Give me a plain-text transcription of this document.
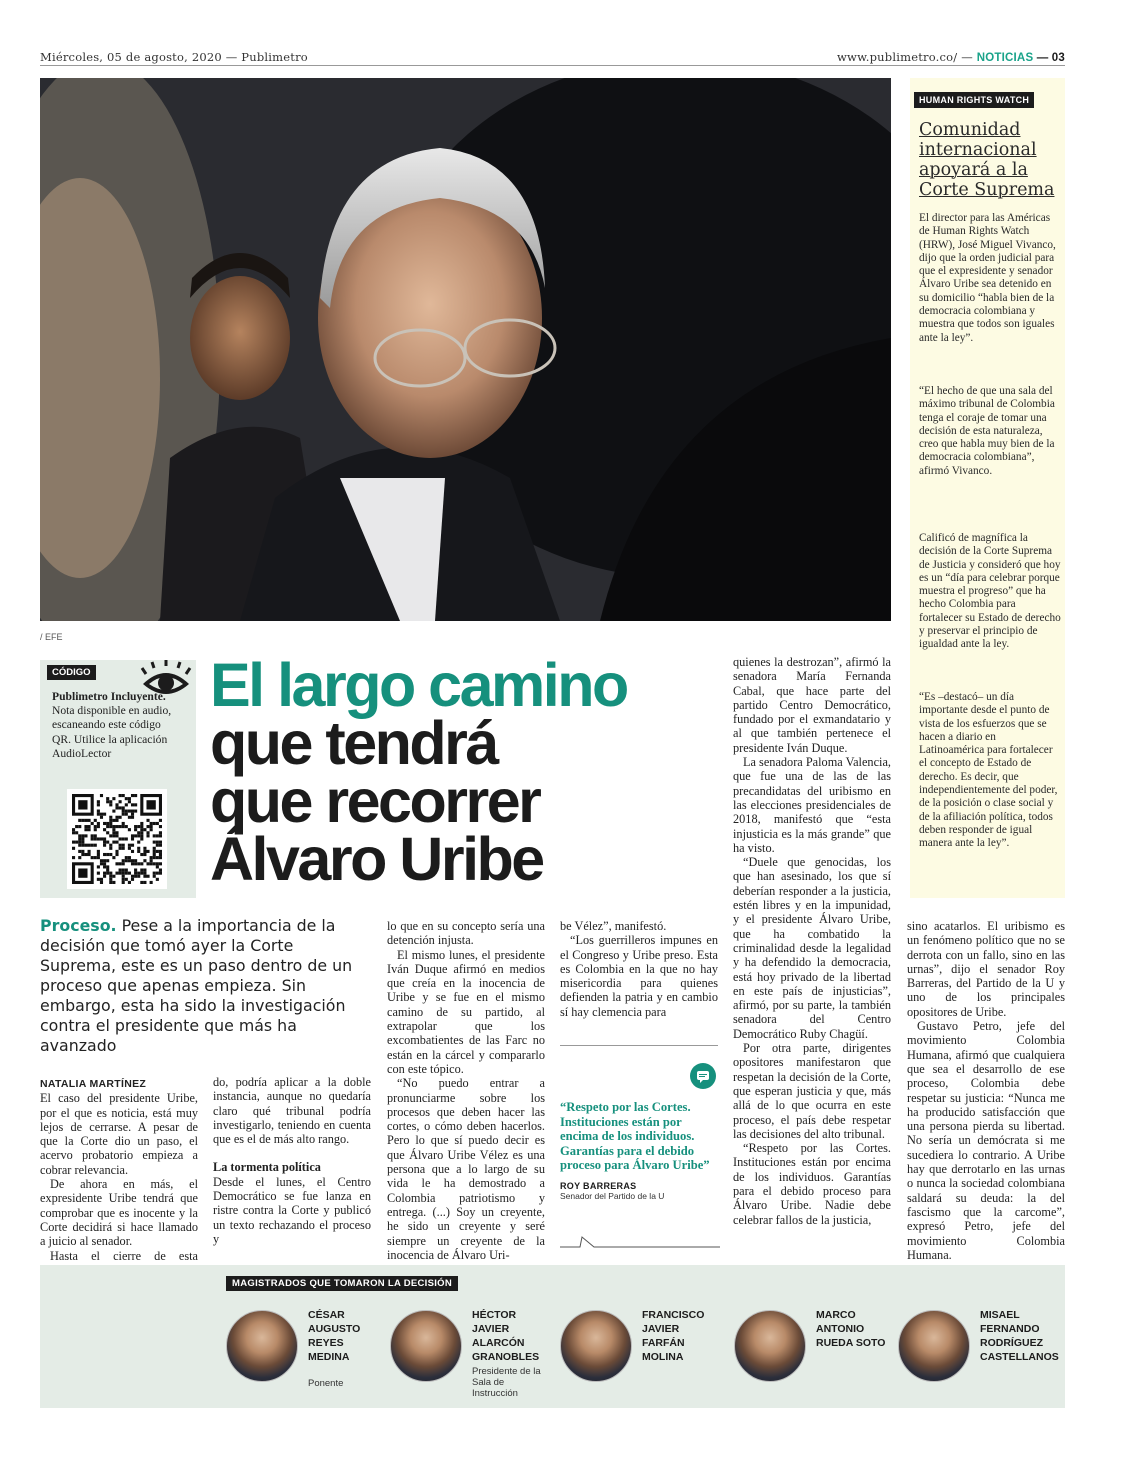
Miércoles, 05 de agosto, 2020 — Publimetro	www.publimetro.co/ — NOTICIAS — 03
/ EFE
HUMAN RIGHTS WATCH
Comunidad internacional apoyará a la Corte Suprema
El director para las Américas de Human Rights Watch (HRW), José Miguel Vivanco, dijo que la orden judicial para que el expresidente y senador Álvaro Uribe sea detenido en su domicilio “habla bien de la democracia colombiana y muestra que todos son iguales ante la ley”.
“El hecho de que una sala del máximo tribunal de Colombia tenga el coraje de tomar una decisión de esta naturaleza, creo que habla muy bien de la democracia colombiana”, afirmó Vivanco.
Calificó de magnífica la decisión de la Corte Suprema de Justicia y consideró que hoy es un “día para celebrar porque muestra el progreso” que ha hecho Colombia para fortalecer su Estado de derecho y preservar el principio de igualdad ante la ley.
“Es –destacó– un día importante desde el punto de vista de los esfuerzos que se hacen a diario en Latinoamérica para fortalecer el concepto de Estado de derecho. Es decir, que independientemente del poder, de la posición o clase social y de la afiliación política, todos deben responder de igual manera ante la ley”.
CÓDIGO
Publimetro Incluyente. Nota disponible en audio, escaneando este código QR. Utilice la aplicación AudioLector
El largo camino
que tendrá
que recorrer
Álvaro Uribe
Proceso. Pese a la importancia de la decisión que tomó ayer la Corte Suprema, este es un paso dentro de un proceso que apenas empieza. Sin embargo, esta ha sido la investigación contra el presidente que más ha avanzado
NATALIA MARTÍNEZ

El caso del presidente Uribe, por el que es noticia, está muy lejos de cerrarse. A pesar de que la Corte dio un paso, el acervo probatorio empieza a cobrar relevancia.

De ahora en más, el expresidente Uribe tendrá que comprobar que es inocente y la Corte decidirá si hace llamado a juicio al senador.

Hasta el cierre de esta

do, podría aplicar a la doble instancia, aunque no quedaría claro qué tribunal podría investigarlo, teniendo en cuenta que es el de más alto rango.

La tormenta política

Desde el lunes, el Centro Democrático se fue lanza en ristre contra la Corte y publicó un texto rechazando el proceso y

lo que en su concepto sería una detención injusta.

El mismo lunes, el presidente Iván Duque afirmó en medios que creía en la inocencia de Uribe y se fue en el mismo camino de su partido, al extrapolar que los excombatientes de las Farc no están en la cárcel y compararlo con este tópico.

“No puedo entrar a pronunciarme sobre los procesos que deben hacer las cortes, o cómo deben hacerlos. Pero lo que sí puedo decir es que Álvaro Uribe Vélez es una persona que a lo largo de su vida le ha demostrado a Colombia patriotismo y entrega. (...) Soy un creyente, he sido un creyente y seré siempre un creyente de la inocencia de Álvaro Uri-

be Vélez”, manifestó.

“Los guerrilleros impunes en el Congreso y Uribe preso. Esta es Colombia en la que no hay misericordia para quienes defienden la patria y en cambio sí hay clemencia para

“Respeto por las Cortes. Instituciones están por encima de los individuos. Garantías para el debido proceso para Álvaro Uribe”
ROY BARRERAS
Senador del Partido de la U

quienes la destrozan”, afirmó la senadora María Fernanda Cabal, que hace parte del partido Centro Democrático, fundado por el exmandatario y al que también pertenece el presidente Iván Duque.

La senadora Paloma Valencia, que fue una de las de las precandidatas del uribismo en las elecciones presidenciales de 2018, manifestó que “esta injusticia es la más grande” que ha visto.

“Duele que genocidas, los que han asesinado, los que sí deberían responder a la justicia, estén libres y en la impunidad, y el presidente Álvaro Uribe, que ha combatido la criminalidad desde la legalidad y ha defendido la democracia, está hoy privado de la libertad en este país de injusticias”, afirmó, por su parte, la también senadora del Centro Democrático Ruby Chagüí.

Por otra parte, dirigentes opositores manifestaron que respetan la decisión de la Corte, que esperan justicia y que, más allá de lo que ocurra en este proceso, el país debe respetar las decisiones del alto tribunal.

“Respeto por las Cortes. Instituciones están por encima de los individuos. Garantías para el debido proceso para Álvaro Uribe. Nadie debe celebrar fallos de la justicia,

sino acatarlos. El uribismo es un fenómeno político que no se derrota con un fallo, sino en las urnas”, dijo el senador Roy Barreras, del Partido de la U y uno de los principales opositores de Uribe.

Gustavo Petro, jefe del movimiento Colombia Humana, afirmó que cualquiera que sea el desarrollo de ese proceso, Colombia debe respetar su justicia: “Nunca me ha producido satisfacción que una persona pierda su libertad. No sería un demócrata si me sucediera lo contrario. A Uribe hay que derrotarlo en las urnas o nunca la sociedad colombiana saldará su deuda: la del fascismo que la carcome”, expresó Petro, jefe del movimiento Colombia Humana.

MAGISTRADOS QUE TOMARON LA DECISIÓN
CÉSAR AUGUSTO REYES MEDINA
Ponente
HÉCTOR JAVIER ALARCÓN GRANOBLES
Presidente de la Sala de Instrucción
FRANCISCO JAVIER FARFÁN MOLINA
MARCO ANTONIO RUEDA SOTO
MISAEL FERNANDO RODRÍGUEZ CASTELLANOS
